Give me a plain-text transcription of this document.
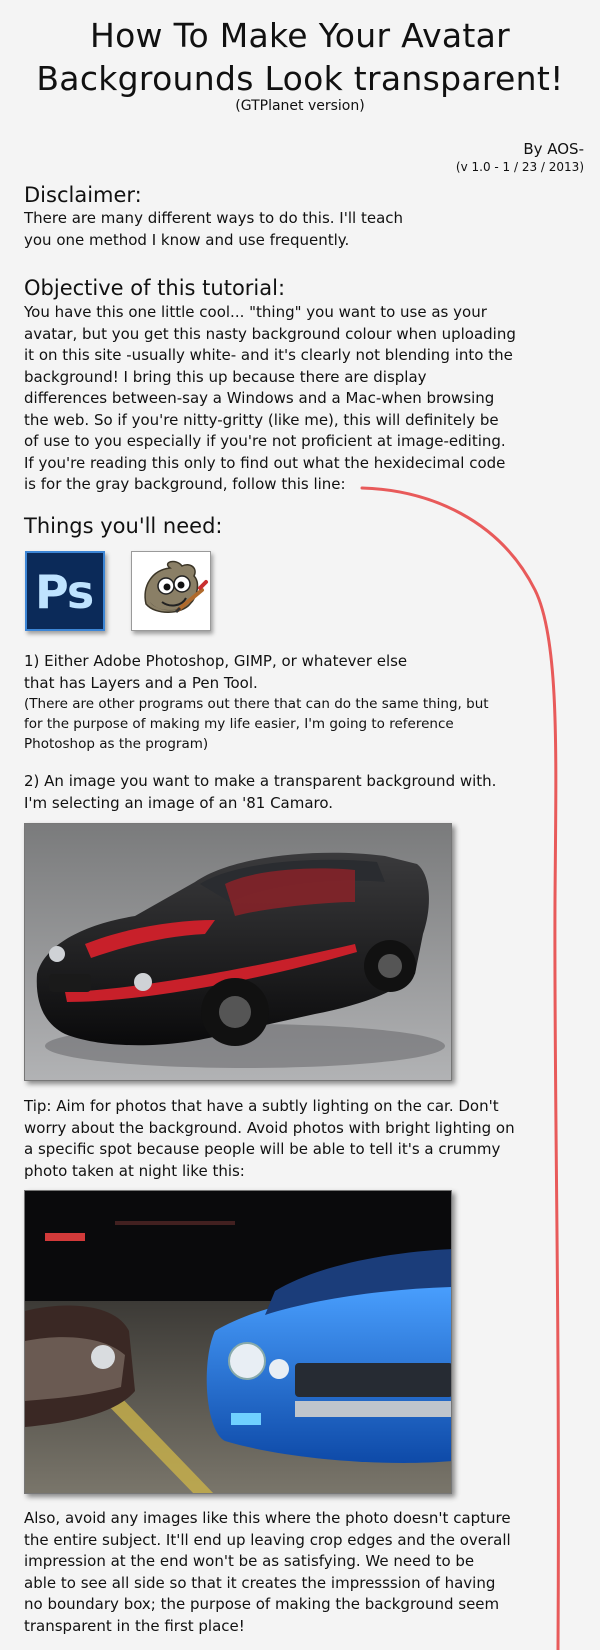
How To Make Your Avatar
Backgrounds Look transparent!
(GTPlanet version)
By AOS-
(v 1.0 - 1 / 23 / 2013)
Disclaimer:
There are many different ways to do this. I'll teach
you one method I know and use frequently.
Objective of this tutorial:
You have this one little cool... "thing" you want to use as your
avatar, but you get this nasty background colour when uploading
it on this site -usually white- and it's clearly not blending into the
background! I bring this up because there are display
differences between-say a Windows and a Mac-when browsing
the web. So if you're nitty-gritty (like me), this will definitely be
of use to you especially if you're not proficient at image-editing.
If you're reading this only to find out what the hexidecimal code
is for the gray background, follow this line:
Things you'll need:
Ps
1) Either Adobe Photoshop, GIMP, or whatever else
that has Layers and a Pen Tool.
(There are other programs out there that can do the same thing, but
for the purpose of making my life easier, I'm going to reference
Photoshop as the program)
2) An image you want to make a transparent background with.
I'm selecting an image of an '81 Camaro.
Tip: Aim for photos that have a subtly lighting on the car. Don't
worry about the background. Avoid photos with bright lighting on
a specific spot because people will be able to tell it's a crummy
photo taken at night like this:
Also, avoid any images like this where the photo doesn't capture
the entire subject. It'll end up leaving crop edges and the overall
impression at the end won't be as satisfying. We need to be
able to see all side so that it creates the impresssion of having
no boundary box; the purpose of making the background seem
transparent in the first place!
